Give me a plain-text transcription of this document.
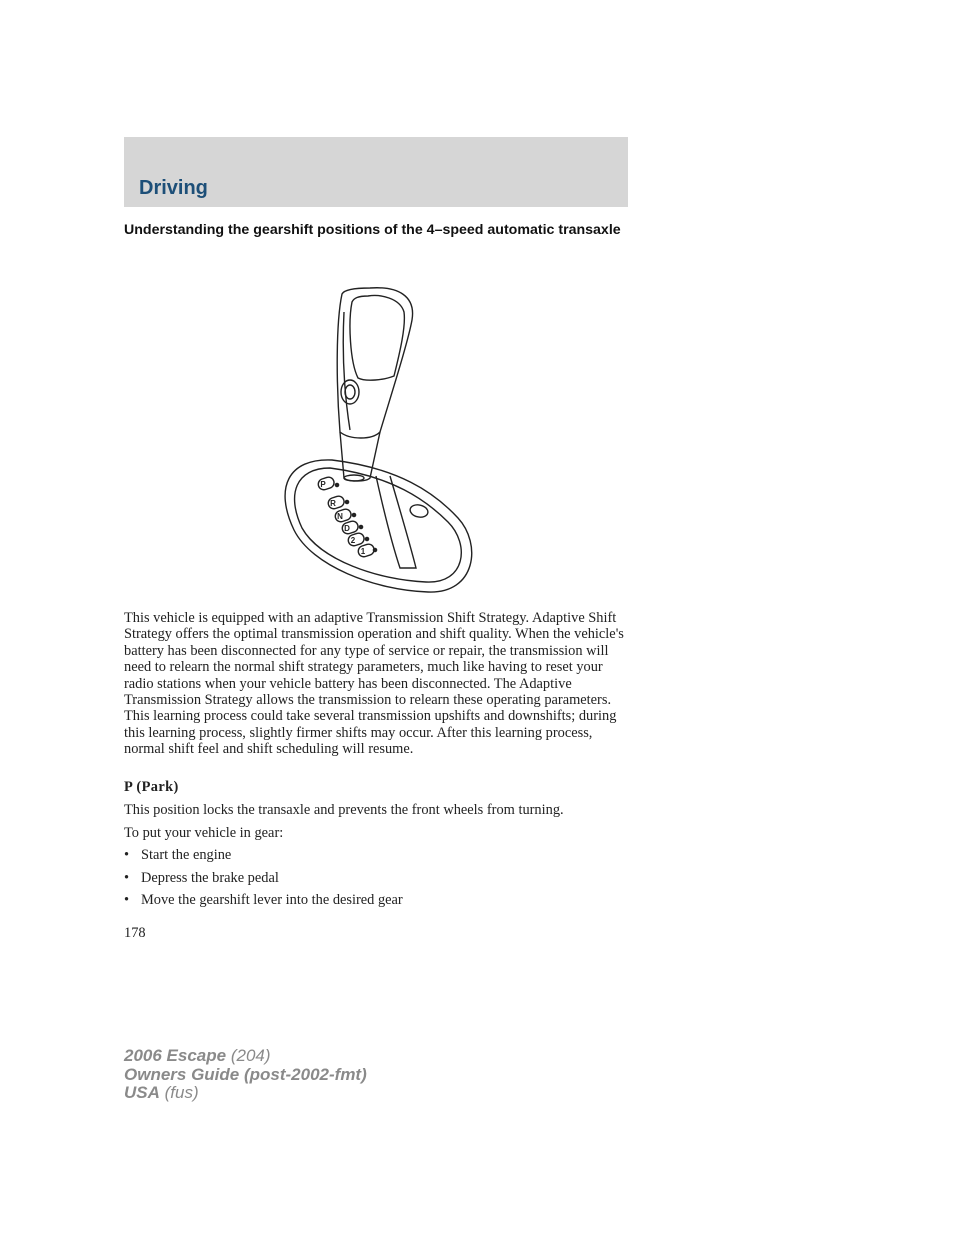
Driving
Understanding the gearshift positions of the 4–speed automatic transaxle
P
R
N
D
2
1

This vehicle is equipped with an adaptive Transmission Shift Strategy. Adaptive Shift Strategy offers the optimal transmission operation and shift quality. When the vehicle's battery has been disconnected for any type of service or repair, the transmission will need to relearn the normal shift strategy parameters, much like having to reset your radio stations when your vehicle battery has been disconnected. The Adaptive Transmission Strategy allows the transmission to relearn these operating parameters. This learning process could take several transmission upshifts and downshifts; during this learning process, slightly firmer shifts may occur. After this learning process, normal shift feel and shift scheduling will resume.

P (Park)

This position locks the transaxle and prevents the front wheels from turning.

To put your vehicle in gear:

• Start the engine
• Depress the brake pedal
• Move the gearshift lever into the desired gear

178

2006 Escape (204)
Owners Guide (post-2002-fmt)
USA (fus)
